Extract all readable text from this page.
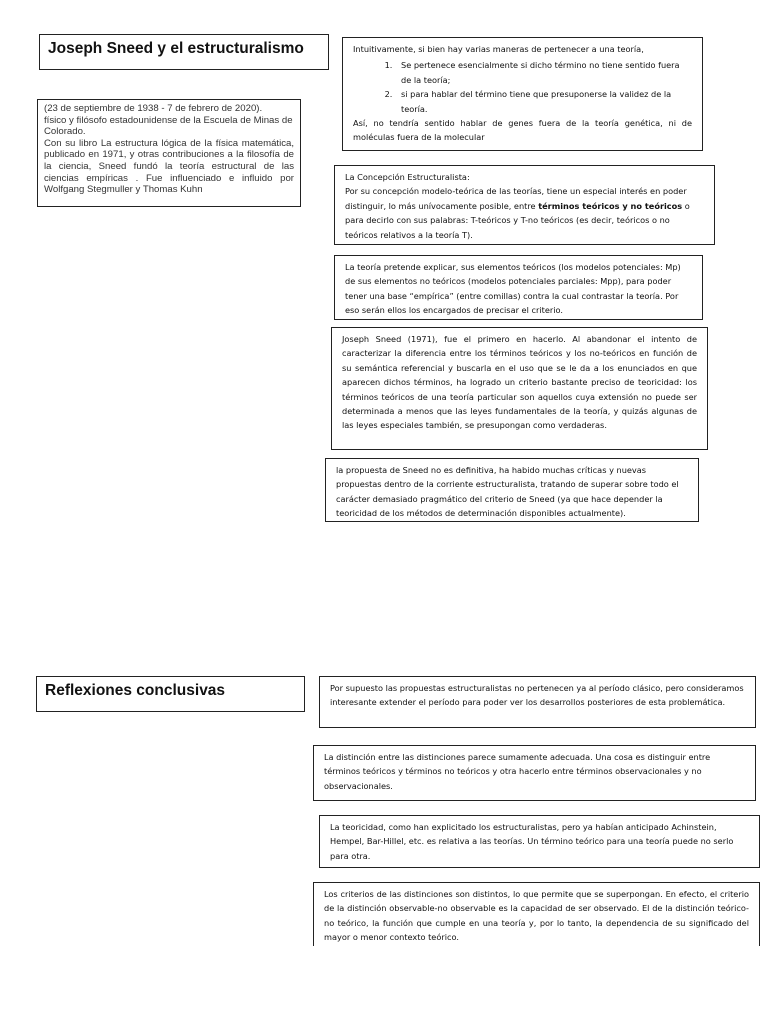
Joseph Sneed y el estructuralismo

(23 de septiembre de 1938 - 7 de febrero de 2020).

físico y filósofo estadounidense de la Escuela de Minas de Colorado.

Con su libro La estructura lógica de la física matemática, publicado en 1971, y otras contribuciones a la filosofía de la ciencia, Sneed fundó la teoría estructural de las ciencias empíricas . Fue influenciado e influido por Wolfgang Stegmuller y Thomas Kuhn

Intuitivamente, si bien hay varias maneras de pertenecer a una teoría,

1. Se pertenece esencialmente si dicho término no tiene sentido fuera de la teoría;
2. si para hablar del término tiene que presuponerse la validez de la teoría.

Así, no tendría sentido hablar de genes fuera de la teoría genética, ni de moléculas fuera de la molecular

La Concepción Estructuralista:

Por su concepción modelo-teórica de las teorías, tiene un especial interés en poder distinguir, lo más unívocamente posible, entre términos teóricos y no teóricos o para decirlo con sus palabras: T-teóricos y T-no teóricos (es decir, teóricos o no teóricos relativos a la teoría T).

La teoría pretende explicar, sus elementos teóricos (los modelos potenciales: Mp) de sus elementos no teóricos (modelos potenciales parciales: Mpp), para poder tener una base “empírica” (entre comillas) contra la cual contrastar la teoría. Por eso serán ellos los encargados de precisar el criterio.

Joseph Sneed (1971), fue el primero en hacerlo. Al abandonar el intento de caracterizar la diferencia entre los términos teóricos y los no-teóricos en función de su semántica referencial y buscarla en el uso que se le da a los enunciados en que aparecen dichos términos, ha logrado un criterio bastante preciso de teoricidad: los términos teóricos de una teoría particular son aquellos cuya extensión no puede ser determinada a menos que las leyes fundamentales de la teoría, y quizás algunas de las leyes especiales también, se presupongan como verdaderas.

la propuesta de Sneed no es definitiva, ha habido muchas críticas y nuevas propuestas dentro de la corriente estructuralista, tratando de superar sobre todo el carácter demasiado pragmático del criterio de Sneed (ya que hace depender la teoricidad de los métodos de determinación disponibles actualmente).

Reflexiones conclusivas	Por supuesto las propuestas estructuralistas no pertenecen ya al período clásico, pero consideramos interesante extender el período para poder ver los desarrollos posteriores de esta problemática.

La distinción entre las distinciones parece sumamente adecuada. Una cosa es distinguir entre términos teóricos y términos no teóricos y otra hacerlo entre términos observacionales y no observacionales.

La teoricidad, como han explicitado los estructuralistas, pero ya habían anticipado Achinstein, Hempel, Bar-Hillel, etc. es relativa a las teorías. Un término teórico para una teoría puede no serlo para otra.

Los criterios de las distinciones son distintos, lo que permite que se superpongan. En efecto, el criterio de la distinción observable-no observable es la capacidad de ser observado. El de la distinción teórico-no teórico, la función que cumple en una teoría y, por lo tanto, la dependencia de su significado del mayor o menor contexto teórico.
